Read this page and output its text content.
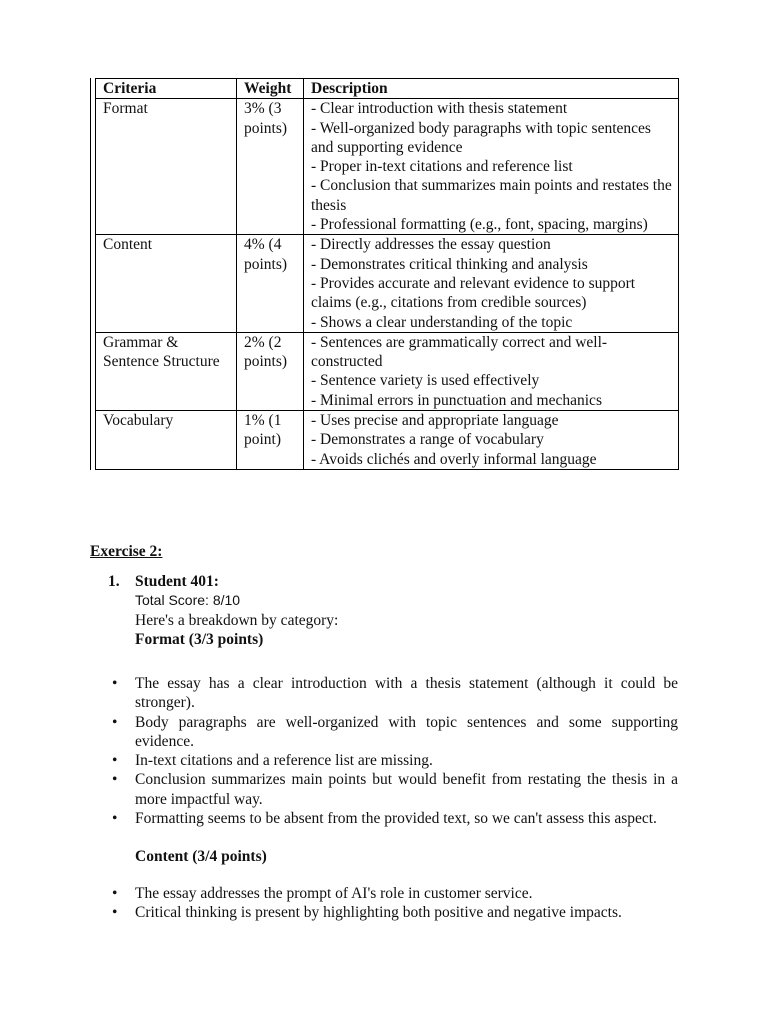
Criteria	Weight	Description
Format	3% (3 points)	- Clear introduction with thesis statement
- Well-organized body paragraphs with topic sentences and supporting evidence
- Proper in-text citations and reference list
- Conclusion that summarizes main points and restates the thesis
- Professional formatting (e.g., font, spacing, margins)

Content	4% (4 points)	- Directly addresses the essay question
- Demonstrates critical thinking and analysis
- Provides accurate and relevant evidence to support claims (e.g., citations from credible sources)
- Shows a clear understanding of the topic

Grammar & Sentence Structure	2% (2 points)	- Sentences are grammatically correct and well-constructed
- Sentence variety is used effectively
- Minimal errors in punctuation and mechanics

Vocabulary	1% (1 point)	- Uses precise and appropriate language
- Demonstrates a range of vocabulary
- Avoids clichés and overly informal language
Exercise 2:
1. Student 401:
Total Score: 8/10
Here's a breakdown by category:
Format (3/3 points)
•	The essay has a clear introduction with a thesis statement (although it could be stronger).
•	Body paragraphs are well-organized with topic sentences and some supporting evidence.
•	In-text citations and a reference list are missing.
•	Conclusion summarizes main points but would benefit from restating the thesis in a more impactful way.
•	Formatting seems to be absent from the provided text, so we can't assess this aspect.
Content (3/4 points)
•	The essay addresses the prompt of AI's role in customer service.
•	Critical thinking is present by highlighting both positive and negative impacts.
